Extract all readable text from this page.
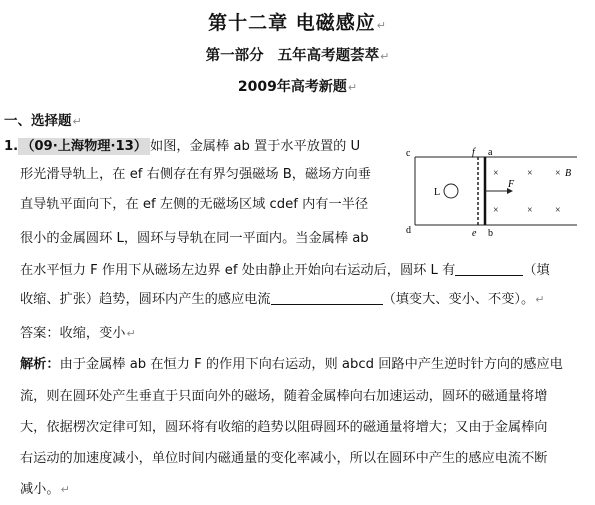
第十二章 电磁感应↵
第一部分 五年高考题荟萃↵
2009年高考新题↵
一、选择题↵
1. （09·上海物理·13） 如图，金属棒 ab 置于水平放置的 U
形光滑导轨上，在 ef 右侧存在有界匀强磁场 B，磁场方向垂
直导轨平面向下，在 ef 左侧的无磁场区域 cdef 内有一半径
很小的金属圆环 L，圆环与导轨在同一平面内。当金属棒 ab
在水平恒力 F 作用下从磁场左边界 ef 处由静止开始向右运动后，圆环 L 有	（填
收缩、扩张）趋势，圆环内产生的感应电流	（填变大、变小、不变）。↵
答案：收缩，变小↵
解析：由于金属棒 ab 在恒力 F 的作用下向右运动，则 abcd 回路中产生逆时针方向的感应电
流，则在圆环处产生垂直于只面向外的磁场，随着金属棒向右加速运动，圆环的磁通量将增
大，依据楞次定律可知，圆环将有收缩的趋势以阻碍圆环的磁通量将增大；又由于金属棒向
右运动的加速度减小，单位时间内磁通量的变化率减小，所以在圆环中产生的感应电流不断
减小。↵
c
d
f
e
a
b
L
F
B
×	× ×
×	× ×
